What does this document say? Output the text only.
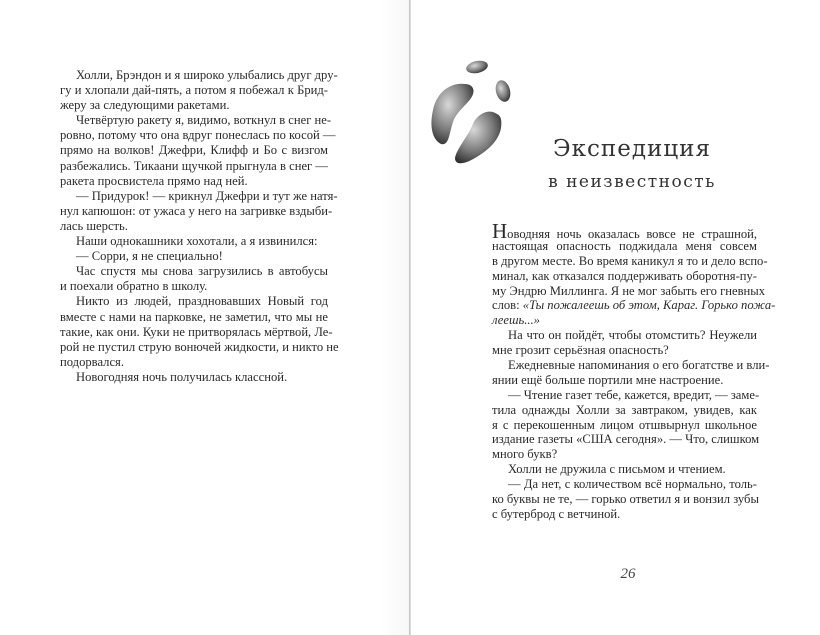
Холли, Брэндон и я широко улыбались друг дру-
гу и хлопали дай-пять, а потом я побежал к Брид-
жеру за следующими ракетами.
Четвёртую ракету я, видимо, воткнул в снег не-
ровно, потому что она вдруг понеслась по косой —
прямо на волков! Джефри, Клифф и Бо с визгом
разбежались. Тикаани щучкой прыгнула в снег —
ракета просвистела прямо над ней.
— Придурок! — крикнул Джефри и тут же натя-
нул капюшон: от ужаса у него на загривке вздыби-
лась шерсть.
Наши однокашники хохотали, а я извинился:
— Сорри, я не специально!
Час спустя мы снова загрузились в автобусы
и поехали обратно в школу.
Никто из людей, праздновавших Новый год
вместе с нами на парковке, не заметил, что мы не
такие, как они. Куки не притворялась мёртвой, Ле-
рой не пустил струю вонючей жидкости, и никто не
подорвался.
Новогодняя ночь получилась классной.
Экспедиция
в неизвестность
Новодняя ночь оказалась вовсе не страшной,
настоящая опасность поджидала меня совсем
в другом месте. Во время каникул я то и дело вспо-
минал, как отказался поддерживать оборотня-пу-
му Эндрю Миллинга. Я не мог забыть его гневных
слов: «Ты пожалеешь об этом, Караг. Горько пожа-
леешь...»
На что он пойдёт, чтобы отомстить? Неужели
мне грозит серьёзная опасность?
Ежедневные напоминания о его богатстве и вли-
янии ещё больше портили мне настроение.
— Чтение газет тебе, кажется, вредит, — заме-
тила однажды Холли за завтраком, увидев, как
я с перекошенным лицом отшвырнул школьное
издание газеты «США сегодня». — Что, слишком
много букв?
Холли не дружила с письмом и чтением.
— Да нет, с количеством всё нормально, толь-
ко буквы не те, — горько ответил я и вонзил зубы
с бутерброд с ветчиной.
26
